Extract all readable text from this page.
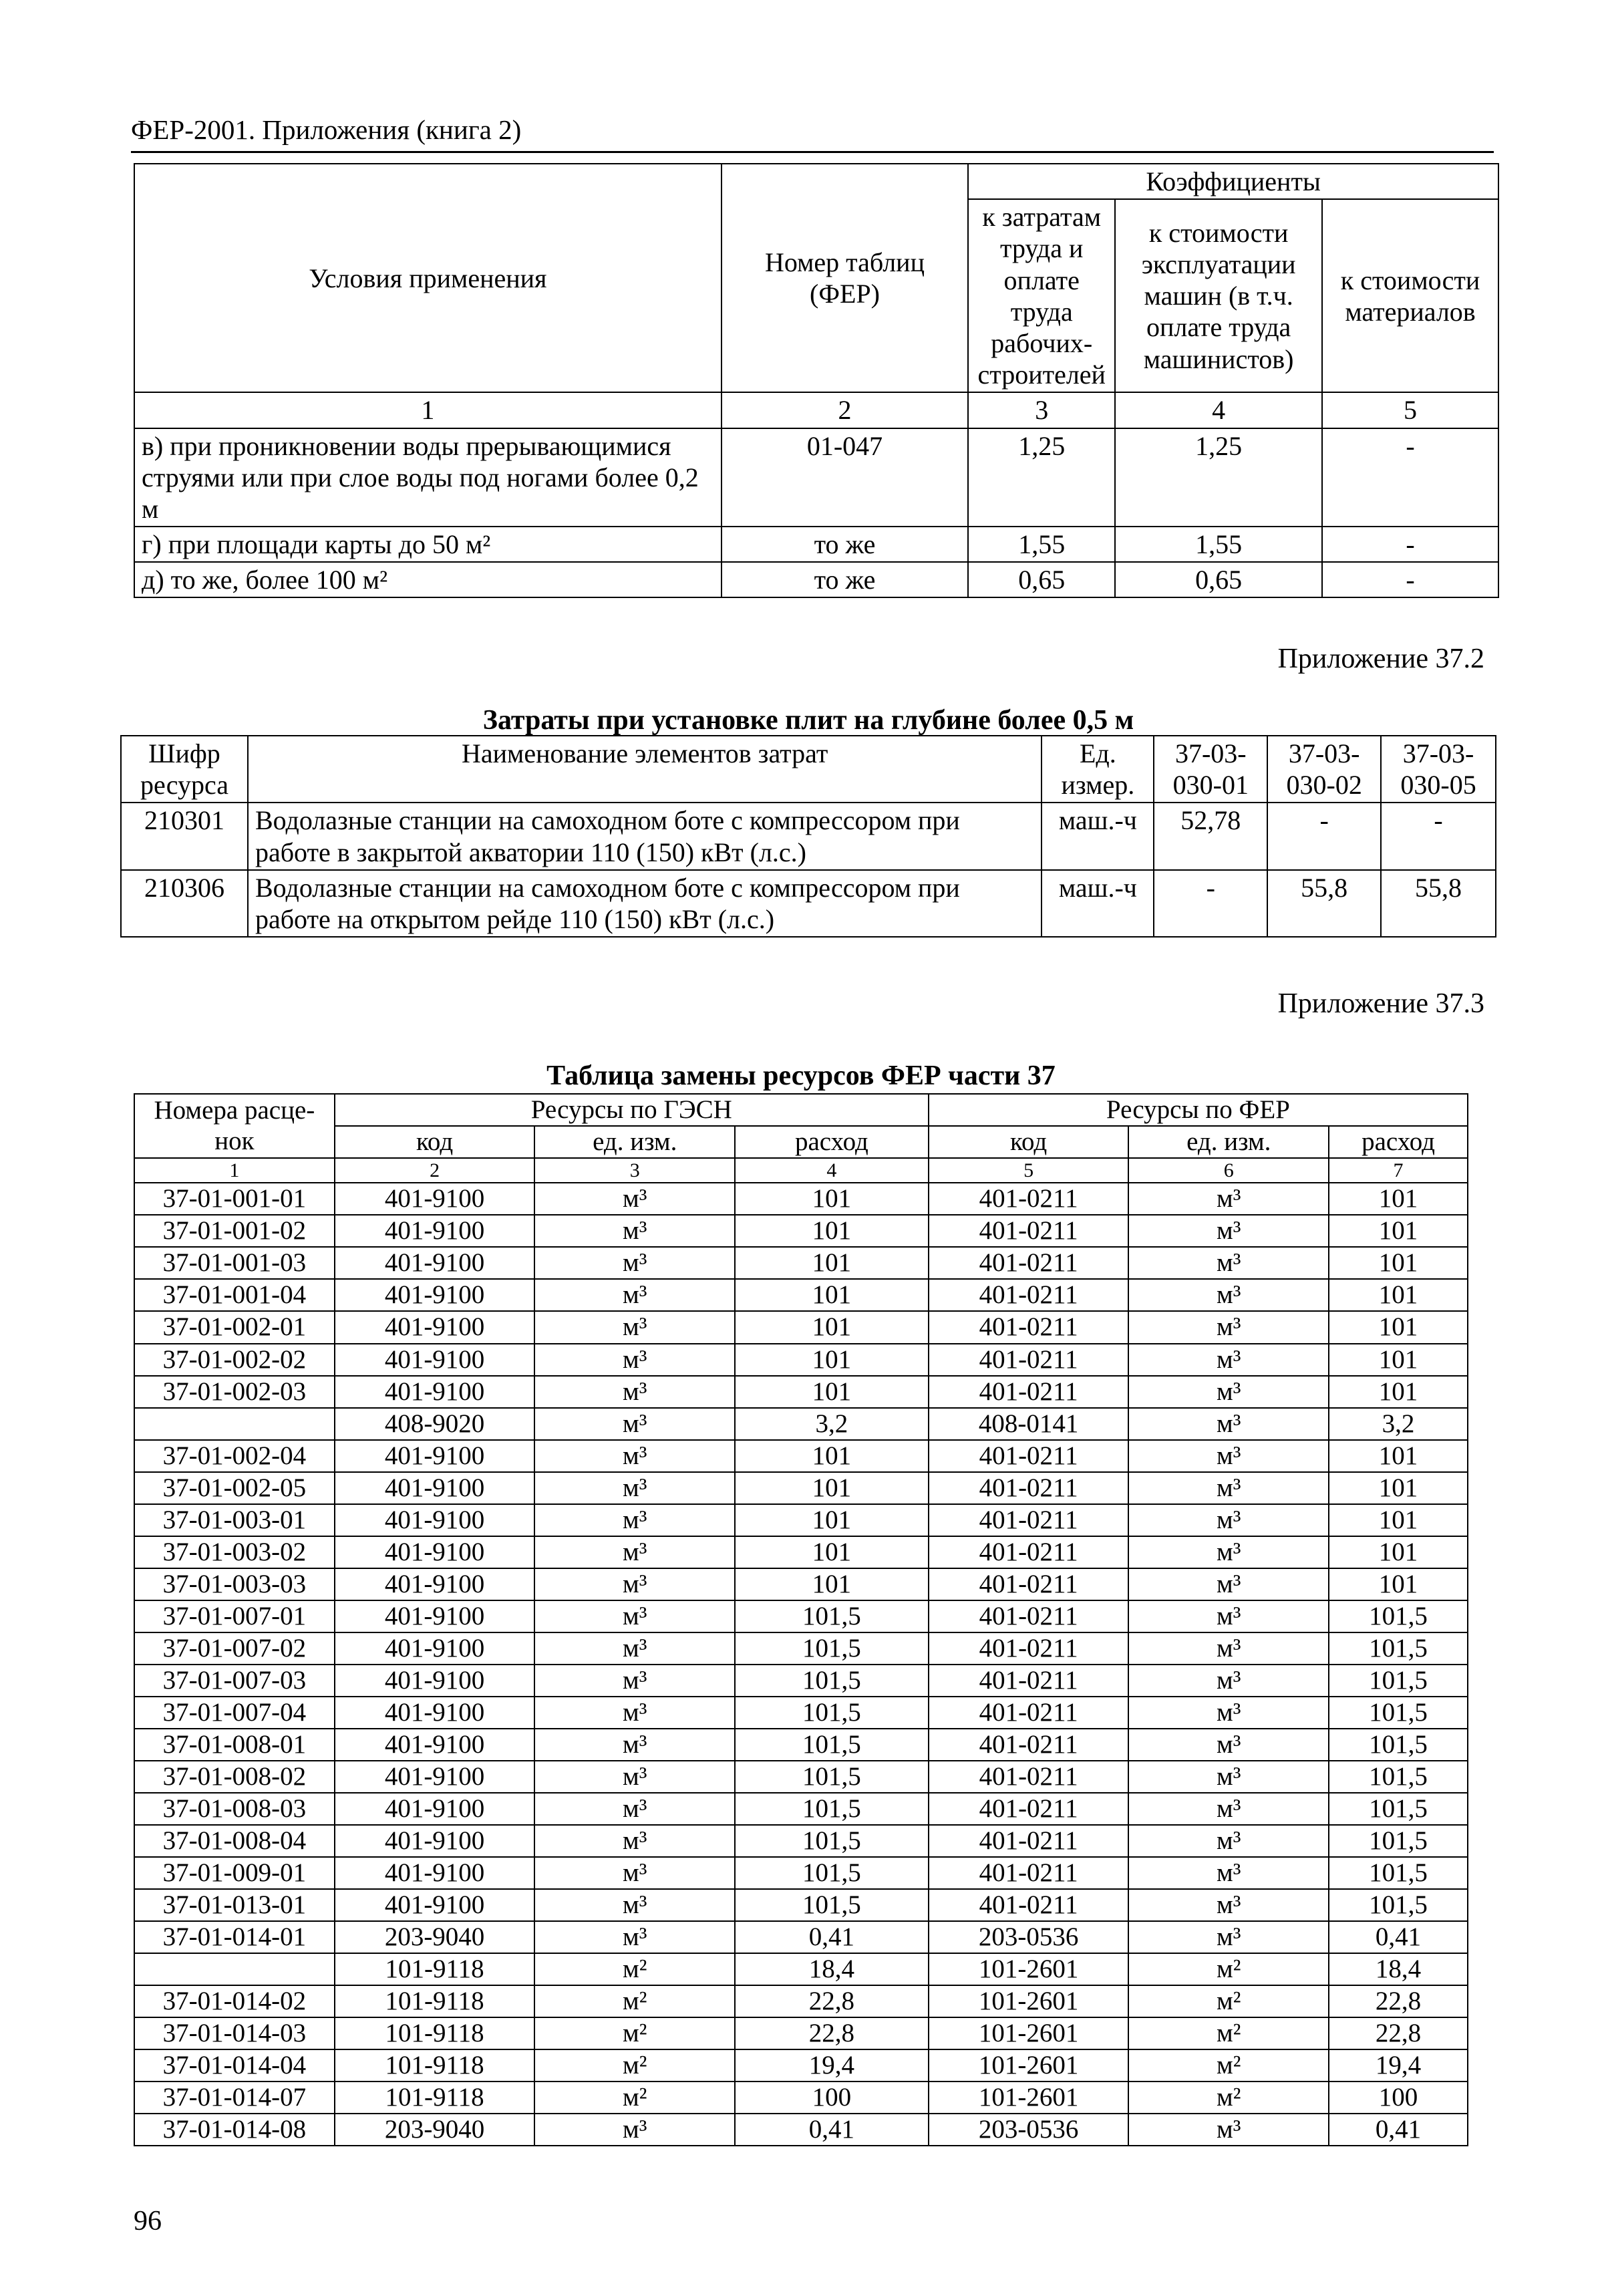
ФЕР-2001. Приложения (книга 2)
Условия применения	Номер таблиц (ФЕР)	Коэффициенты		
		к затратам труда и оплате труда рабочих-строителей	к стоимости эксплуатации машин (в т.ч. оплате труда машинистов)	к стоимости материалов
1	2	3	4	5
в) при проникновении воды прерывающимися струями или при слое воды под ногами более 0,2 м	01-047	1,25	1,25	-
г) при площади карты до 50 м²	то же	1,55	1,55	-
д) то же, более 100 м²	то же	0,65	0,65	-
Приложение 37.2
Затраты при установке плит на глубине более 0,5 м
Шифр ресурса	Наименование элементов затрат	Ед. измер.	37-03-030-01	37-03-030-02	37-03-030-05
210301	Водолазные станции на самоходном боте с компрессором при работе в закрытой акватории 110 (150) кВт (л.с.)	маш.-ч	52,78	-	-
210306	Водолазные станции на самоходном боте с компрессором при работе на открытом рейде 110 (150) кВт (л.с.)	маш.-ч	-	55,8	55,8
Приложение 37.3
Таблица замены ресурсов ФЕР части 37
Номера расце-нок	Ресурсы по ГЭСН			Ресурсы по ФЕР		
	код	ед. изм.	расход	код	ед. изм.	расход
1	2	3	4	5	6	7
37-01-001-01	401-9100	м³	101	401-0211	м³	101
37-01-001-02	401-9100	м³	101	401-0211	м³	101
37-01-001-03	401-9100	м³	101	401-0211	м³	101
37-01-001-04	401-9100	м³	101	401-0211	м³	101
37-01-002-01	401-9100	м³	101	401-0211	м³	101
37-01-002-02	401-9100	м³	101	401-0211	м³	101
37-01-002-03	401-9100	м³	101	401-0211	м³	101
	408-9020	м³	3,2	408-0141	м³	3,2
37-01-002-04	401-9100	м³	101	401-0211	м³	101
37-01-002-05	401-9100	м³	101	401-0211	м³	101
37-01-003-01	401-9100	м³	101	401-0211	м³	101
37-01-003-02	401-9100	м³	101	401-0211	м³	101
37-01-003-03	401-9100	м³	101	401-0211	м³	101
37-01-007-01	401-9100	м³	101,5	401-0211	м³	101,5
37-01-007-02	401-9100	м³	101,5	401-0211	м³	101,5
37-01-007-03	401-9100	м³	101,5	401-0211	м³	101,5
37-01-007-04	401-9100	м³	101,5	401-0211	м³	101,5
37-01-008-01	401-9100	м³	101,5	401-0211	м³	101,5
37-01-008-02	401-9100	м³	101,5	401-0211	м³	101,5
37-01-008-03	401-9100	м³	101,5	401-0211	м³	101,5
37-01-008-04	401-9100	м³	101,5	401-0211	м³	101,5
37-01-009-01	401-9100	м³	101,5	401-0211	м³	101,5
37-01-013-01	401-9100	м³	101,5	401-0211	м³	101,5
37-01-014-01	203-9040	м³	0,41	203-0536	м³	0,41
	101-9118	м²	18,4	101-2601	м²	18,4
37-01-014-02	101-9118	м²	22,8	101-2601	м²	22,8
37-01-014-03	101-9118	м²	22,8	101-2601	м²	22,8
37-01-014-04	101-9118	м²	19,4	101-2601	м²	19,4
37-01-014-07	101-9118	м²	100	101-2601	м²	100
37-01-014-08	203-9040	м³	0,41	203-0536	м³	0,41
96
